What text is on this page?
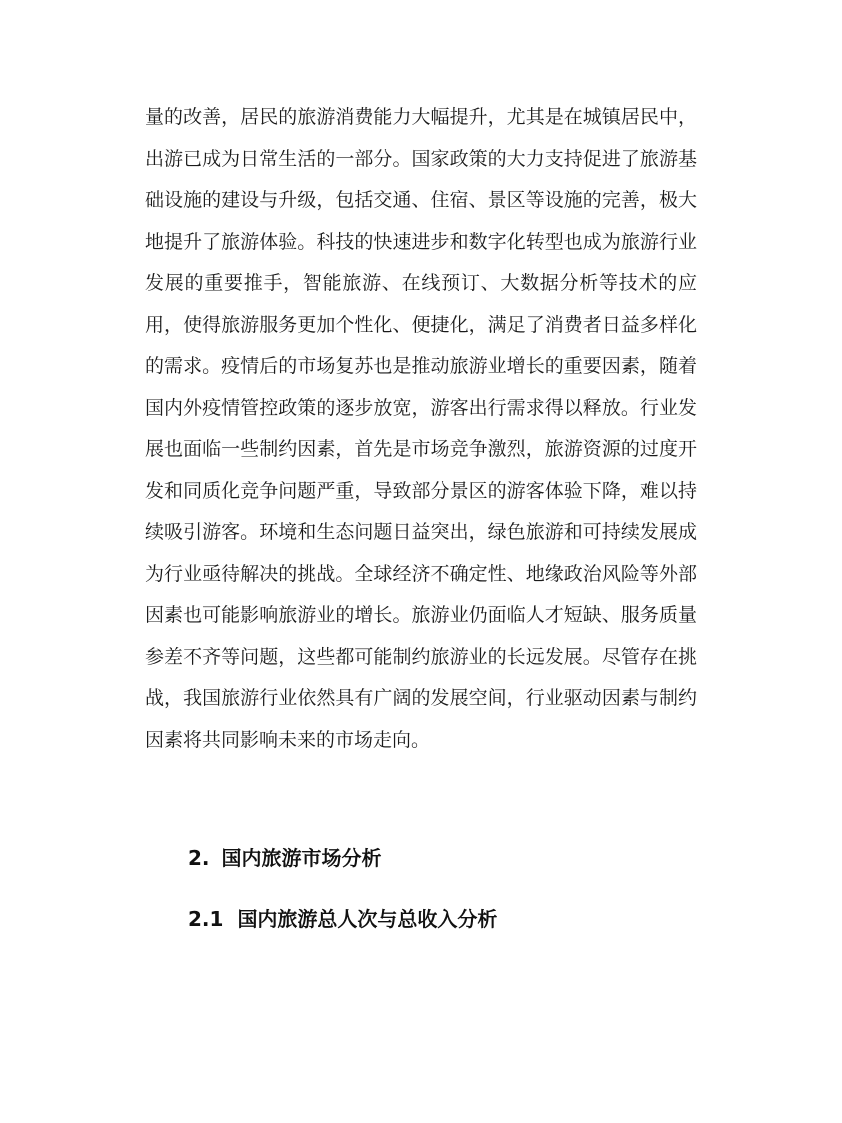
量的改善，居民的旅游消费能力大幅提升，尤其是在城镇居民中，出游已成为日常生活的一部分。国家政策的大力支持促进了旅游基础设施的建设与升级，包括交通、住宿、景区等设施的完善，极大地提升了旅游体验。科技的快速进步和数字化转型也成为旅游行业发展的重要推手，智能旅游、在线预订、大数据分析等技术的应用，使得旅游服务更加个性化、便捷化，满足了消费者日益多样化的需求。疫情后的市场复苏也是推动旅游业增长的重要因素，随着国内外疫情管控政策的逐步放宽，游客出行需求得以释放。行业发展也面临一些制约因素，首先是市场竞争激烈，旅游资源的过度开发和同质化竞争问题严重，导致部分景区的游客体验下降，难以持续吸引游客。环境和生态问题日益突出，绿色旅游和可持续发展成为行业亟待解决的挑战。全球经济不确定性、地缘政治风险等外部因素也可能影响旅游业的增长。旅游业仍面临人才短缺、服务质量参差不齐等问题，这些都可能制约旅游业的长远发展。尽管存在挑战，我国旅游行业依然具有广阔的发展空间，行业驱动因素与制约因素将共同影响未来的市场走向。

2. 国内旅游市场分析
2.1 国内旅游总人次与总收入分析
